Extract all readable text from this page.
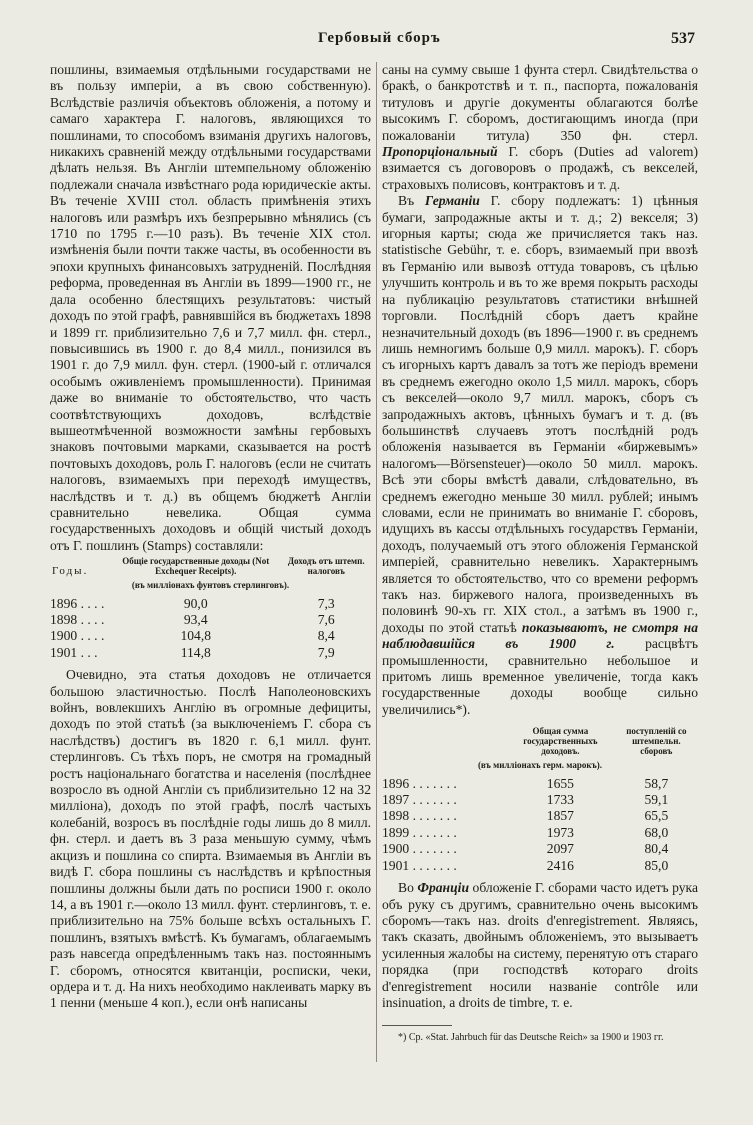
Гербовый сборъ	537

пошлины, взимаемыя отдѣльными государствами не въ пользу имперіи, а въ свою собственную). Вслѣдствіе различія объектовъ обложенія, а потому и самаго характера Г. налоговъ, являющихся то пошлинами, то способомъ взиманія другихъ налоговъ, никакихъ сравненій между отдѣльными государствами дѣлать нельзя. Въ Англіи штемпельному обложенію подлежали сначала извѣстнаго рода юридическіе акты. Въ теченіе XVIII стол. область примѣненія этихъ налоговъ или размѣръ ихъ безпрерывно мѣнялись (съ 1710 по 1795 г.—10 разъ). Въ теченіе XIX стол. измѣненія были почти также часты, въ особенности въ эпохи крупныхъ финансовыхъ затрудненій. Послѣдняя реформа, проведенная въ Англіи въ 1899—1900 гг., не дала особенно блестящихъ результатовъ: чистый доходъ по этой графѣ, равнявшійся въ бюджетахъ 1898 и 1899 гг. приблизительно 7,6 и 7,7 милл. фн. стерл., повысившись въ 1900 г. до 8,4 милл., понизился въ 1901 г. до 7,9 милл. фун. стерл. (1900-ый г. отличался особымъ оживленіемъ промышленности). Принимая даже во вниманіе то обстоятельство, что часть соотвѣтствующихъ доходовъ, вслѣдствіе вышеотмѣченной возможности замѣны гербовыхъ знаковъ почтовыми марками, сказывается на ростѣ почтовыхъ доходовъ, роль Г. налоговъ (если не считать налоговъ, взимаемыхъ при переходѣ имуществъ, наслѣдствъ и т. д.) въ общемъ бюджетѣ Англіи сравнительно невелика. Общая сумма государственныхъ доходовъ и общій чистый доходъ отъ Г. пошлинъ (Stamps) составляли:

Годы.	Общіе государственные доходы (Not Exchequer Receipts).	Доходъ отъ штемп. налоговъ
(въ милліонахъ фунтовъ стерлинговъ).		
1896 . . . .	90,0	7,3
1898 . . . .	93,4	7,6
1900 . . . .	104,8	8,4
1901 . . .	114,8	7,9

Очевидно, эта статья доходовъ не отличается большою эластичностью. Послѣ Наполеоновскихъ войнъ, вовлекшихъ Англію въ огромные дефициты, доходъ по этой статьѣ (за выключеніемъ Г. сбора съ наслѣдствъ) достигъ въ 1820 г. 6,1 милл. фунт. стерлинговъ. Съ тѣхъ поръ, не смотря на громадный ростъ національнаго богатства и населенія (послѣднее возросло въ одной Англіи съ приблизительно 12 на 32 милліона), доходъ по этой графѣ, послѣ частыхъ колебаній, возросъ въ послѣдніе годы лишь до 8 милл. фн. стерл. и даетъ въ 3 раза меньшую сумму, чѣмъ акцизъ и пошлина со спирта. Взимаемыя въ Англіи въ видѣ Г. сбора пошлины съ наслѣдствъ и крѣпостныя пошлины должны были дать по росписи 1900 г. около 14, а въ 1901 г.—около 13 милл. фунт. стерлинговъ, т. е. приблизительно на 75% больше всѣхъ остальныхъ Г. пошлинъ, взятыхъ вмѣстѣ. Къ бумагамъ, облагаемымъ разъ навсегда опредѣленнымъ такъ наз. постояннымъ Г. сборомъ, относятся квитанціи, росписки, чеки, ордера и т. д. На нихъ необходимо наклеивать марку въ 1 пенни (меньше 4 коп.), если онѣ написаны

саны на сумму свыше 1 фунта стерл. Свидѣтельства о бракѣ, о банкротствѣ и т. п., паспорта, пожалованія титуловъ и другіе документы облагаются болѣе высокимъ Г. сборомъ, достигающимъ иногда (при пожалованіи титула) 350 фн. стерл. Пропорціональный Г. сборъ (Duties ad valorem) взимается съ договоровъ о продажѣ, съ векселей, страховыхъ полисовъ, контрактовъ и т. д.

Въ Германіи Г. сбору подлежатъ: 1) цѣнныя бумаги, запродажные акты и т. д.; 2) векселя; 3) игорныя карты; сюда же причисляется такъ наз. statistische Gebühr, т. е. сборъ, взимаемый при ввозѣ въ Германію или вывозѣ оттуда товаровъ, съ цѣлью улучшить контроль и въ то же время покрыть расходы на публикацію результатовъ статистики внѣшней торговли. Послѣдній сборъ даетъ крайне незначительный доходъ (въ 1896—1900 г. въ среднемъ лишь немногимъ больше 0,9 милл. марокъ). Г. сборъ съ игорныхъ картъ давалъ за тотъ же періодъ времени въ среднемъ ежегодно около 1,5 милл. марокъ, сборъ съ векселей—около 9,7 милл. марокъ, сборъ съ запродажныхъ актовъ, цѣнныхъ бумагъ и т. д. (въ большинствѣ случаевъ этотъ послѣдній родъ обложенія называется въ Германіи «биржевымъ» налогомъ—Börsensteuer)—около 50 милл. марокъ. Всѣ эти сборы вмѣстѣ давали, слѣдовательно, въ среднемъ ежегодно меньше 30 милл. рублей; инымъ словами, если не принимать во вниманіе Г. сборовъ, идущихъ въ кассы отдѣльныхъ государствъ Германіи, доходъ, получаемый отъ этого обложенія Германской имперіей, сравнительно невеликъ. Характернымъ является то обстоятельство, что со времени реформъ такъ наз. биржевого налога, произведенныхъ въ половинѣ 90-хъ гг. XIX стол., а затѣмъ въ 1900 г., доходы по этой статьѣ показываютъ, не смотря на наблюдавшійся въ 1900 г. расцвѣтъ промышленности, сравнительно небольшое и притомъ лишь временное увеличеніе, тогда какъ государственные доходы вообще сильно увеличились*).

	Общая сумма государственныхъ доходовъ.	поступленій со штемпельн. сборовъ
(въ милліонахъ герм. марокъ).		
1896 . . . . . . .	1655	58,7
1897 . . . . . . .	1733	59,1
1898 . . . . . . .	1857	65,5
1899 . . . . . . .	1973	68,0
1900 . . . . . . .	2097	80,4
1901 . . . . . . .	2416	85,0

Во Франціи обложеніе Г. сборами часто идетъ рука объ руку съ другимъ, сравнительно очень высокимъ сборомъ—такъ наз. droits d'enregistrement. Являясь, такъ сказать, двойнымъ обложеніемъ, это вызываетъ усиленныя жалобы на систему, перенятую отъ стараго порядка (при господствѣ котораго droits d'enregistrement носили названіе contrôle или insinuation, a droits de timbre, т. е.

*) Ср. «Stat. Jahrbuch für das Deutsche Reich» за 1900 и 1903 гг.
